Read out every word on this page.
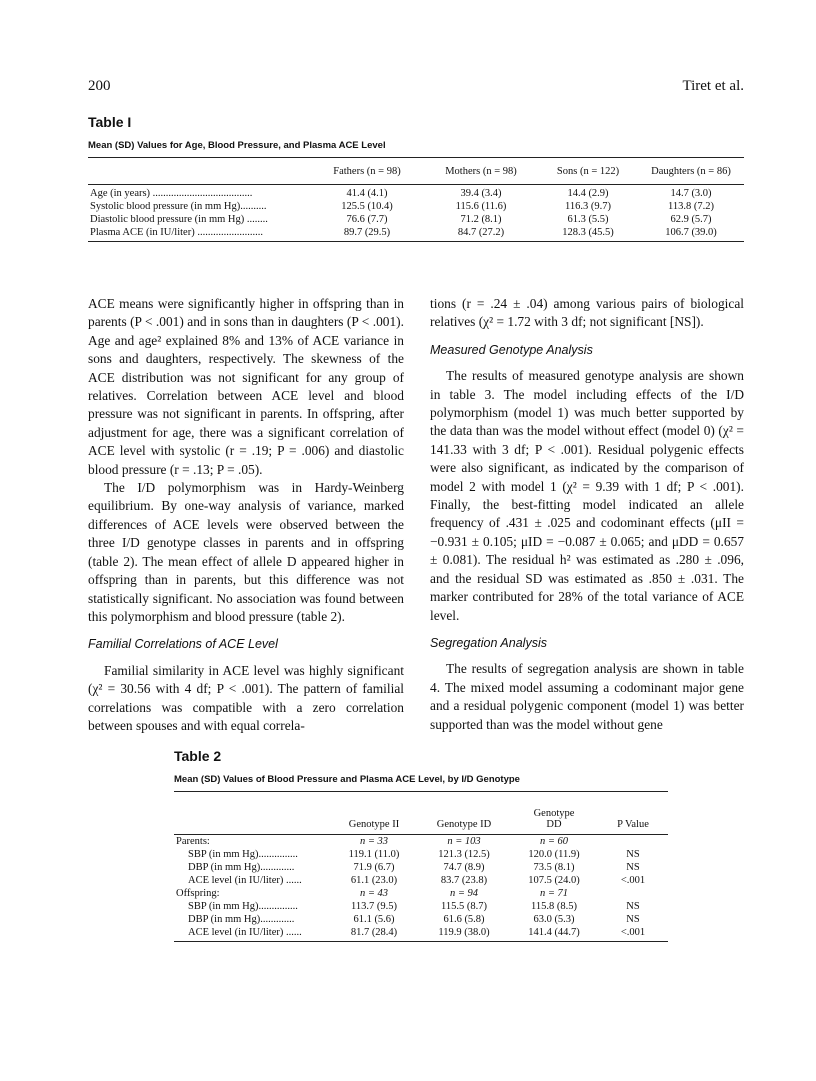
200	Tiret et al.
Table I
Mean (SD) Values for Age, Blood Pressure, and Plasma ACE Level
	Fathers (n = 98)	Mothers (n = 98)	Sons (n = 122)	Daughters (n = 86)

Age (in years) ......................................	41.4 (4.1)	39.4 (3.4)	14.4 (2.9)	14.7 (3.0)
Systolic blood pressure (in mm Hg)..........	125.5 (10.4)	115.6 (11.6)	116.3 (9.7)	113.8 (7.2)
Diastolic blood pressure (in mm Hg) ........	76.6 (7.7)	71.2 (8.1)	61.3 (5.5)	62.9 (5.7)
Plasma ACE (in IU/liter) .........................	89.7 (29.5)	84.7 (27.2)	128.3 (45.5)	106.7 (39.0)

ACE means were significantly higher in offspring than in parents (P < .001) and in sons than in daughters (P < .001). Age and age² explained 8% and 13% of ACE variance in sons and daughters, respectively. The skewness of the ACE distribution was not significant for any group of relatives. Correlation between ACE level and blood pressure was not significant in parents. In offspring, after adjustment for age, there was a significant correlation of ACE level with systolic (r = .19; P = .006) and diastolic blood pressure (r = .13; P = .05).

The I/D polymorphism was in Hardy-Weinberg equilibrium. By one-way analysis of variance, marked differences of ACE levels were observed between the three I/D genotype classes in parents and in offspring (table 2). The mean effect of allele D appeared higher in offspring than in parents, but this difference was not statistically significant. No association was found between this polymorphism and blood pressure (table 2).

Familial Correlations of ACE Level

Familial similarity in ACE level was highly significant (χ² = 30.56 with 4 df; P < .001). The pattern of familial correlations was compatible with a zero correlation between spouses and with equal correla-

tions (r = .24 ± .04) among various pairs of biological relatives (χ² = 1.72 with 3 df; not significant [NS]).

Measured Genotype Analysis

The results of measured genotype analysis are shown in table 3. The model including effects of the I/D polymorphism (model 1) was much better supported by the data than was the model without effect (model 0) (χ² = 141.33 with 3 df; P < .001). Residual polygenic effects were also significant, as indicated by the comparison of model 2 with model 1 (χ² = 9.39 with 1 df; P < .001). Finally, the best-fitting model indicated an allele frequency of .431 ± .025 and codominant effects (μII = −0.931 ± 0.105; μID = −0.087 ± 0.065; and μDD = 0.657 ± 0.081). The residual h² was estimated as .280 ± .096, and the residual SD was estimated as .850 ± .031. The marker contributed for 28% of the total variance of ACE level.

Segregation Analysis

The results of segregation analysis are shown in table 4. The mixed model assuming a codominant major gene and a residual polygenic component (model 1) was better supported than was the model without gene

Table 2
Mean (SD) Values of Blood Pressure and Plasma ACE Level, by I/D Genotype
	Genotype II	Genotype ID	Genotype DD	P Value

Parents:	n = 33	n = 103	n = 60	
SBP (in mm Hg)...............	119.1 (11.0)	121.3 (12.5)	120.0 (11.9)	NS
DBP (in mm Hg).............	71.9 (6.7)	74.7 (8.9)	73.5 (8.1)	NS
ACE level (in IU/liter) ......	61.1 (23.0)	83.7 (23.8)	107.5 (24.0)	<.001
Offspring:	n = 43	n = 94	n = 71	
SBP (in mm Hg)...............	113.7 (9.5)	115.5 (8.7)	115.8 (8.5)	NS
DBP (in mm Hg).............	61.1 (5.6)	61.6 (5.8)	63.0 (5.3)	NS
ACE level (in IU/liter) ......	81.7 (28.4)	119.9 (38.0)	141.4 (44.7)	<.001
